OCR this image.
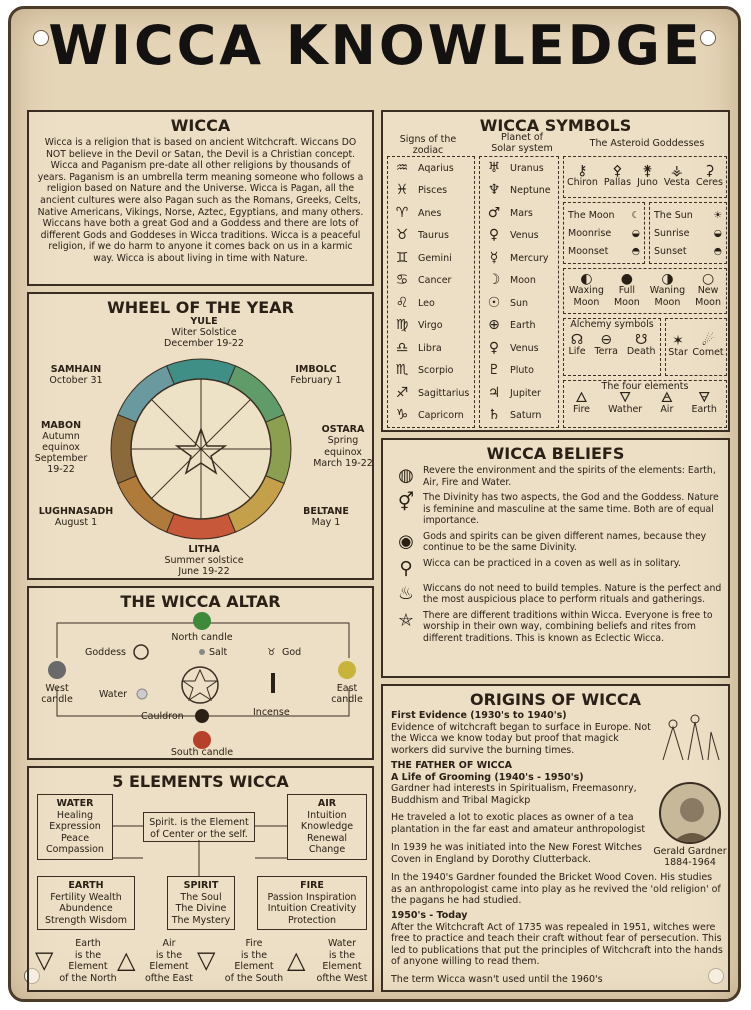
WICCA KNOWLEDGE
WICCA
Wicca is a religion that is based on ancient Witchcraft. Wiccans DO NOT believe in the Devil or Satan, the Devil is a Christian concept. Wicca and Paganism pre-date all other religions by thousands of years. Paganism is an umbrella term meaning someone who follows a religion based on Nature and the Universe. Wicca is Pagan, all the ancient cultures were also Pagan such as the Romans, Greeks, Celts, Native Americans, Vikings, Norse, Aztec, Egyptians, and many others. Wiccans have both a great God and a Goddess and there are lots of different Gods and Goddeses in Wicca traditions. Wicca is a peaceful religion, if we do harm to anyone it comes back on us in a karmic way. Wicca is about living in time with Nature.
WHEEL OF THE YEAR
YULE
Witer Solstice
December 19-22
IMBOLC
February 1
OSTARA
Spring equinox
March 19-22
BELTANE
May 1
LITHA
Summer solstice
June 19-22
LUGHNASADH
August 1
MABON
Autumn
equinox
September
19-22
SAMHAIN
October 31
THE WICCA ALTAR
North candle
South candle
West
candle
East
candle
Goddess	Salt	♉ God
Water
Incense
Cauldron
5 ELEMENTS WICCA
WATER
Healing
Expression
Peace
Compassion
Spirit. is the Element
of Center or the self.
AIR
Intuition
Knowledge
Renewal
Change
EARTH
Fertility Wealth
Abundence
Strength Wisdom
SPIRIT
The Soul
The Divine
The Mystery
FIRE
Passion Inspiration
Intuition Creativity
Protection
▽
Earth
is the
Element
of the North
△
Air
is the
Element
ofthe East
▽
Fire
is the
Element
of the South
△
Water
is the
Element
ofthe West
WICCA SYMBOLS
Signs of the
zodiac
Planet of
Solar system	The Asteroid Goddesses
♒	Aqarius
♓	Pisces
♈	Anes
♉	Taurus
♊	Gemini
♋	Cancer
♌	Leo
♍	Virgo
♎	Libra
♏	Scorpio
♐	Sagittarius
♑	Capricorn
♅	Uranus
♆	Neptune
♂	Mars
♀	Venus
☿	Mercury
☽	Moon
☉	Sun
⊕	Earth
♀	Venus
♇	Pluto
♃	Jupiter
♄	Saturn
⚷
Chiron
⚴
Pallas
⚵
Juno
⚶
Vesta
⚳
Ceres
The Moon ☾
Moonrise ◒
Moonset ◓
The Sun ☀
Sunrise	◒
Sunset	◓
◐
Waxing
Moon
●
Full
Moon
◑
Waning
Moon
○
New
Moon
Alchemy symbols
☊
Life
⊖
Terra
☋
Death
✶
Star
☄
Comet
The four elements
🜂
Fire
🜄
Wather
🜁
Air
🜃
Earth
WICCA BELIEFS
◍ Revere the environment and the spirits of the elements: Earth, Air, Fire and Water.
⚥ The Divinity has two aspects, the God and the Goddess. Nature is feminine and masculine at the same time. Both are of equal importance.
◉ Gods and spirits can be given different names, because they continue to be the same Divinity.
⚲	Wicca can be practiced in a coven as well as in solitary.
♨ Wiccans do not need to build temples. Nature is the perfect and the most auspicious place to perform rituals and gatherings.
⛤	There are different traditions within Wicca. Everyone is free to worship in their own way, combining beliefs and rites from different traditions. This is known as Eclectic Wicca.
ORIGINS OF WICCA
First Evidence (1930's to 1940's)
Evidence of witchcraft began to surface in Europe. Not the Wicca we know today but proof that magick workers did survive the burning times.
THE FATHER OF WICCA
A Life of Grooming (1940's - 1950's)
Gardner had interests in Spiritualism, Freemasonry, Buddhism and Tribal Magickp
He traveled a lot to exotic places as owner of a tea plantation in the far east and amateur anthropologist
In 1939 he was initiated into the New Forest Witches Coven in England by Dorothy Clutterback.
Gerald Gardner
1884-1964
In the 1940's Gardner founded the Bricket Wood Coven. His studies as an anthropologist came into play as he revived the 'old religion' of the pagans he had studied.
1950's - Today
After the Witchcraft Act of 1735 was repealed in 1951, witches were free to practice and teach their craft without fear of persecution. This led to publications that put the principles of Witchcraft into the hands of anyone willing to read them.
The term Wicca wasn't used until the 1960's
